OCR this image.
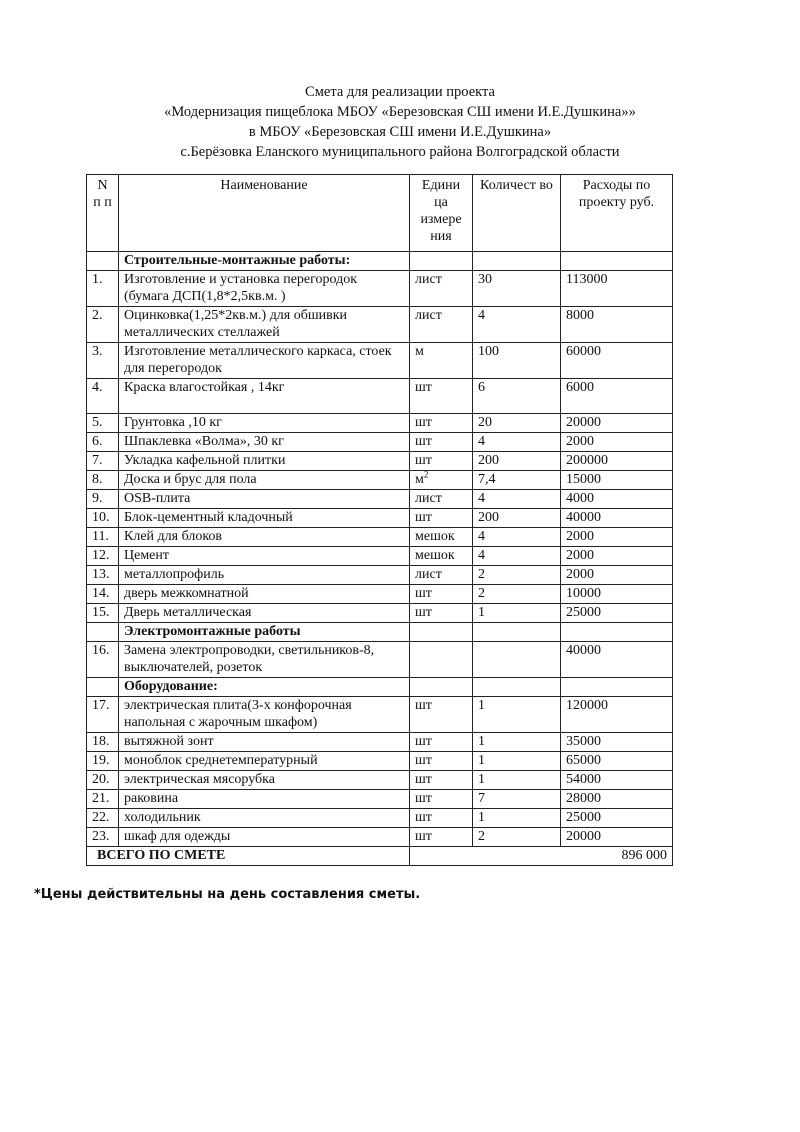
Смета для реализации проекта
«Модернизация пищеблока МБОУ «Березовская СШ имени И.Е.Душкина»»
в МБОУ «Березовская СШ имени И.Е.Душкина»
с.Берёзовка Еланского муниципального района Волгоградской области
N п п	Наименование	Едини ца измере ния	Количест во	Расходы по проекту руб.
	Строительные-монтажные работы:			
1.	Изготовление и установка перегородок (бумага ДСП(1,8*2,5кв.м. )	лист	30	113000
2.	Оцинковка(1,25*2кв.м.) для обшивки металлических стеллажей	лист	4	8000
3.	Изготовление металлического каркаса, стоек для перегородок	м	100	60000
4.	Краска влагостойкая , 14кг	шт	6	6000
5.	Грунтовка ,10 кг	шт	20	20000
6.	Шпаклевка «Волма», 30 кг	шт	4	2000
7.	Укладка кафельной плитки	шт	200	200000
8.	Доска и брус для пола	$м^2$	7,4	15000
9.	OSB-плита	лист	4	4000
10.	Блок-цементный кладочный	шт	200	40000
11.	Клей для блоков	мешок	4	2000
12.	Цемент	мешок	4	2000
13.	металлопрофиль	лист	2	2000
14.	дверь межкомнатной	шт	2	10000
15.	Дверь металлическая	шт	1	25000
	Электромонтажные работы			
16.	Замена электропроводки, светильников-8, выключателей, розеток			40000
	Оборудование:			
17.	электрическая плита(3-х конфорочная напольная с жарочным шкафом)	шт	1	120000
18.	вытяжной зонт	шт	1	35000
19.	моноблок среднетемпературный	шт	1	65000
20.	электрическая мясорубка	шт	1	54000
21.	раковина	шт	7	28000
22.	холодильник	шт	1	25000
23.	шкаф для одежды	шт	2	20000
ВСЕГО ПО СМЕТЕ		896 000		
*Цены действительны на день составления сметы.
